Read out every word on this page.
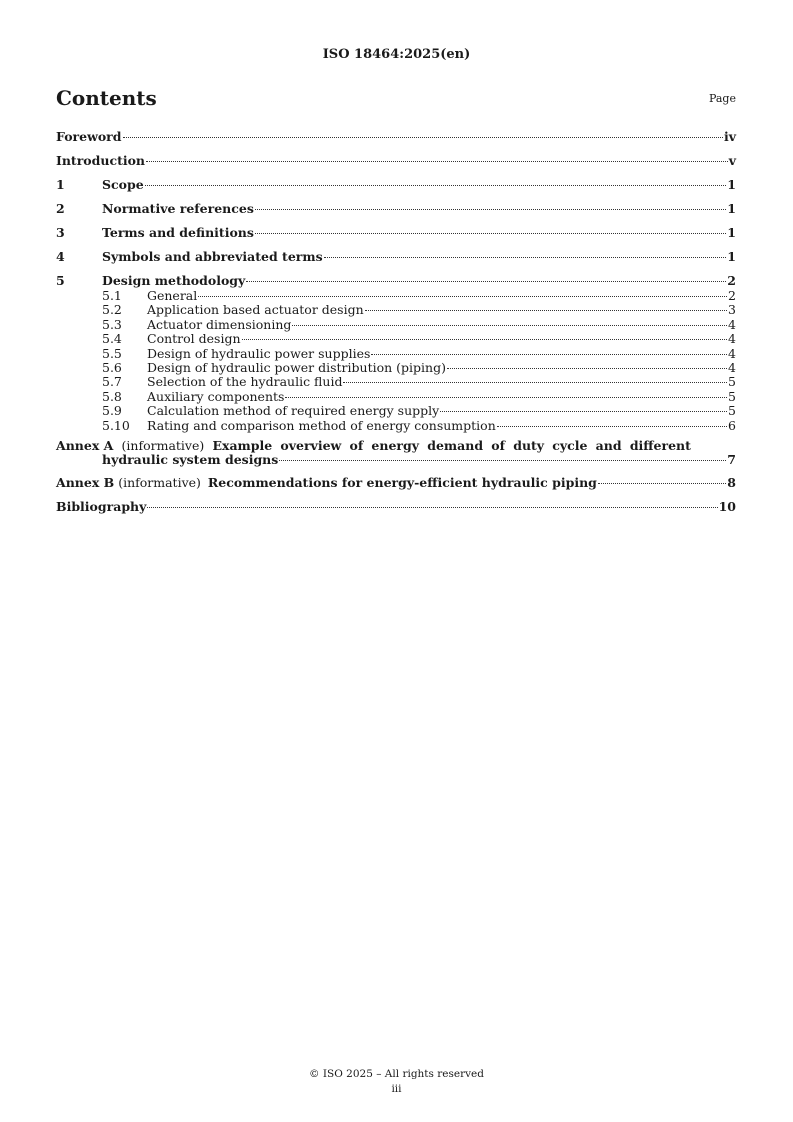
ISO 18464:2025(en)
Contents	Page
Foreword	iv
Introduction	v
1	Scope	1
2	Normative references	1
3	Terms and definitions	1
4	Symbols and abbreviated terms	1
5	Design methodology	2
5.1	General	2
5.2	Application based actuator design	3
5.3	Actuator dimensioning	4
5.4	Control design	4
5.5	Design of hydraulic power supplies	4
5.6	Design of hydraulic power distribution (piping)	4
5.7	Selection of the hydraulic fluid	5
5.8	Auxiliary components	5
5.9	Calculation method of required energy supply	5
5.10	Rating and comparison method of energy consumption	6
Annex A (informative) Example overview of energy demand of duty cycle and different
hydraulic system designs	7
Annex B (informative) Recommendations for energy-efficient hydraulic piping	8
Bibliography	10
© ISO 2025 – All rights reserved
iii
